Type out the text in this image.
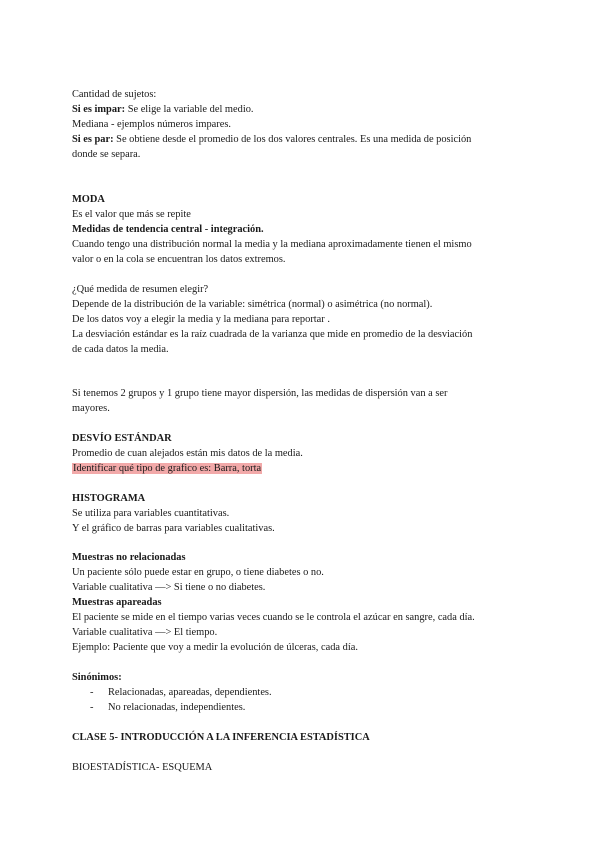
Cantidad de sujetos:
Si es impar: Se elige la variable del medio.
Mediana - ejemplos números impares.
Si es par: Se obtiene desde el promedio de los dos valores centrales. Es una medida de posición
donde se separa.
MODA
Es el valor que más se repite
Medidas de tendencia central - integración.
Cuando tengo una distribución normal la media y la mediana aproximadamente tienen el mismo
valor o en la cola se encuentran los datos extremos.
¿Qué medida de resumen elegir?
Depende de la distribución de la variable: simétrica (normal) o asimétrica (no normal).
De los datos voy a elegir la media y la mediana para reportar .
La desviación estándar es la raíz cuadrada de la varianza que mide en promedio de la desviación
de cada datos la media.
Si tenemos 2 grupos y 1 grupo tiene mayor dispersión, las medidas de dispersión van a ser
mayores.
DESVÍO ESTÁNDAR
Promedio de cuan alejados están mis datos de la media.
Identificar qué tipo de grafico es: Barra, torta
HISTOGRAMA
Se utiliza para variables cuantitativas.
Y el gráfico de barras para variables cualitativas.
Muestras no relacionadas
Un paciente sólo puede estar en grupo, o tiene diabetes o no.
Variable cualitativa —> Si tiene o no diabetes.
Muestras apareadas
El paciente se mide en el tiempo varias veces cuando se le controla el azúcar en sangre, cada día.
Variable cualitativa —> El tiempo.
Ejemplo: Paciente que voy a medir la evolución de úlceras, cada día.
Sinónimos:
- Relacionadas, apareadas, dependientes.
- No relacionadas, independientes.
CLASE 5- INTRODUCCIÓN A LA INFERENCIA ESTADÍSTICA
BIOESTADÍSTICA- ESQUEMA
